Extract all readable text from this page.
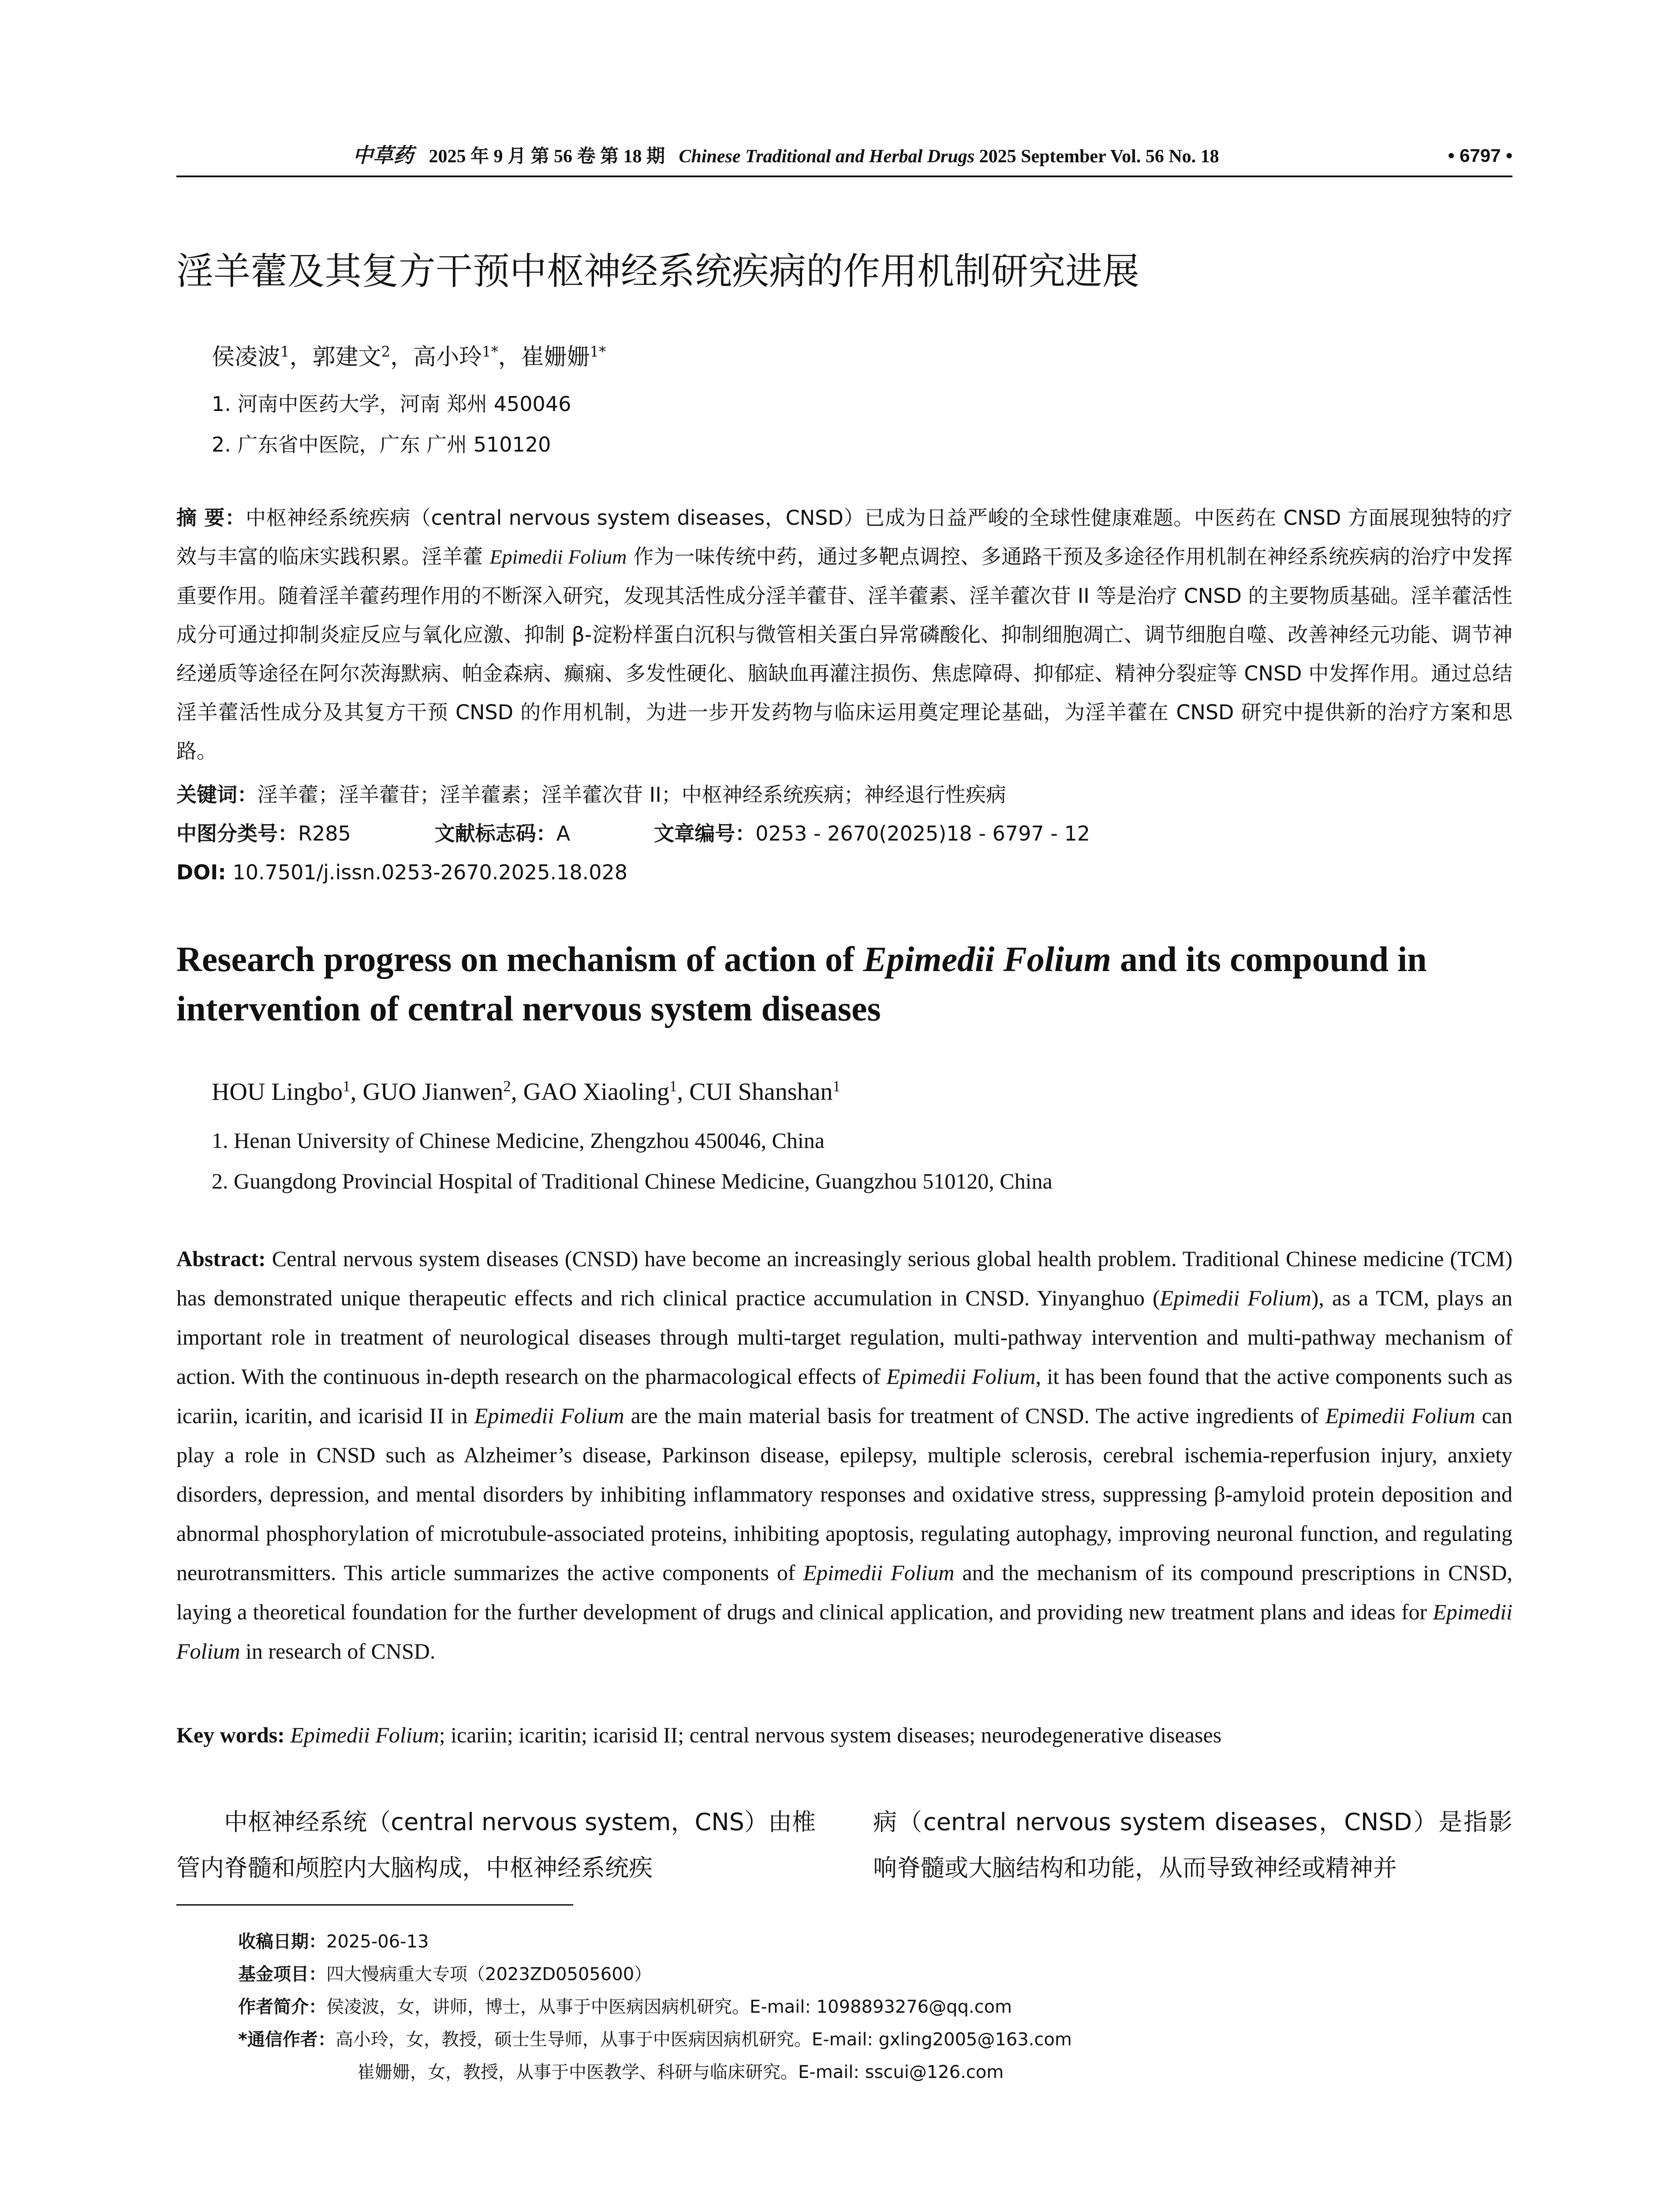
中草药 2025 年 9 月 第 56 卷 第 18 期 Chinese Traditional and Herbal Drugs 2025 September Vol. 56 No. 18	• 6797 •
淫羊藿及其复方干预中枢神经系统疾病的作用机制研究进展
侯凌波$^1$，郭建文$^2$，高小玲$^{1*}$，崔姗姗$^{1*}$
1. 河南中医药大学，河南 郑州 450046
2. 广东省中医院，广东 广州 510120
摘 要：中枢神经系统疾病（central nervous system diseases，CNSD）已成为日益严峻的全球性健康难题。中医药在 CNSD 方面展现独特的疗效与丰富的临床实践积累。淫羊藿 Epimedii Folium 作为一味传统中药，通过多靶点调控、多通路干预及多途径作用机制在神经系统疾病的治疗中发挥重要作用。随着淫羊藿药理作用的不断深入研究，发现其活性成分淫羊藿苷、淫羊藿素、淫羊藿次苷 II 等是治疗 CNSD 的主要物质基础。淫羊藿活性成分可通过抑制炎症反应与氧化应激、抑制 β-淀粉样蛋白沉积与微管相关蛋白异常磷酸化、抑制细胞凋亡、调节细胞自噬、改善神经元功能、调节神经递质等途径在阿尔茨海默病、帕金森病、癫痫、多发性硬化、脑缺血再灌注损伤、焦虑障碍、抑郁症、精神分裂症等 CNSD 中发挥作用。通过总结淫羊藿活性成分及其复方干预 CNSD 的作用机制，为进一步开发药物与临床运用奠定理论基础，为淫羊藿在 CNSD 研究中提供新的治疗方案和思路。
关键词：淫羊藿；淫羊藿苷；淫羊藿素；淫羊藿次苷 II；中枢神经系统疾病；神经退行性疾病
中图分类号：R285	文献标志码：A	文章编号：0253 - 2670(2025)18 - 6797 - 12
DOI: 10.7501/j.issn.0253-2670.2025.18.028
Research progress on mechanism of action of Epimedii Folium and its compound in intervention of central nervous system diseases
HOU Lingbo$^1$, GUO Jianwen$^2$, GAO Xiaoling$^1$, CUI Shanshan$^1$
1. Henan University of Chinese Medicine, Zhengzhou 450046, China
2. Guangdong Provincial Hospital of Traditional Chinese Medicine, Guangzhou 510120, China
Abstract: Central nervous system diseases (CNSD) have become an increasingly serious global health problem. Traditional Chinese medicine (TCM) has demonstrated unique therapeutic effects and rich clinical practice accumulation in CNSD. Yinyanghuo (Epimedii Folium), as a TCM, plays an important role in treatment of neurological diseases through multi-target regulation, multi-pathway intervention and multi-pathway mechanism of action. With the continuous in-depth research on the pharmacological effects of Epimedii Folium, it has been found that the active components such as icariin, icaritin, and icarisid II in Epimedii Folium are the main material basis for treatment of CNSD. The active ingredients of Epimedii Folium can play a role in CNSD such as Alzheimer’s disease, Parkinson disease, epilepsy, multiple sclerosis, cerebral ischemia-reperfusion injury, anxiety disorders, depression, and mental disorders by inhibiting inflammatory responses and oxidative stress, suppressing β-amyloid protein deposition and abnormal phosphorylation of microtubule-associated proteins, inhibiting apoptosis, regulating autophagy, improving neuronal function, and regulating neurotransmitters. This article summarizes the active components of Epimedii Folium and the mechanism of its compound prescriptions in CNSD, laying a theoretical foundation for the further development of drugs and clinical application, and providing new treatment plans and ideas for Epimedii Folium in research of CNSD.
Key words: Epimedii Folium; icariin; icaritin; icarisid II; central nervous system diseases; neurodegenerative diseases
　　中枢神经系统（central nervous system，CNS）由椎管内脊髓和颅腔内大脑构成，中枢神经系统疾
病（central nervous system diseases，CNSD）是指影响脊髓或大脑结构和功能，从而导致神经或精神并
收稿日期：2025-06-13
基金项目：四大慢病重大专项（2023ZD0505600）
作者简介：侯凌波，女，讲师，博士，从事于中医病因病机研究。E-mail: 1098893276@qq.com
*通信作者：高小玲，女，教授，硕士生导师，从事于中医病因病机研究。E-mail: gxling2005@163.com
崔姗姗，女，教授，从事于中医教学、科研与临床研究。E-mail: sscui@126.com
